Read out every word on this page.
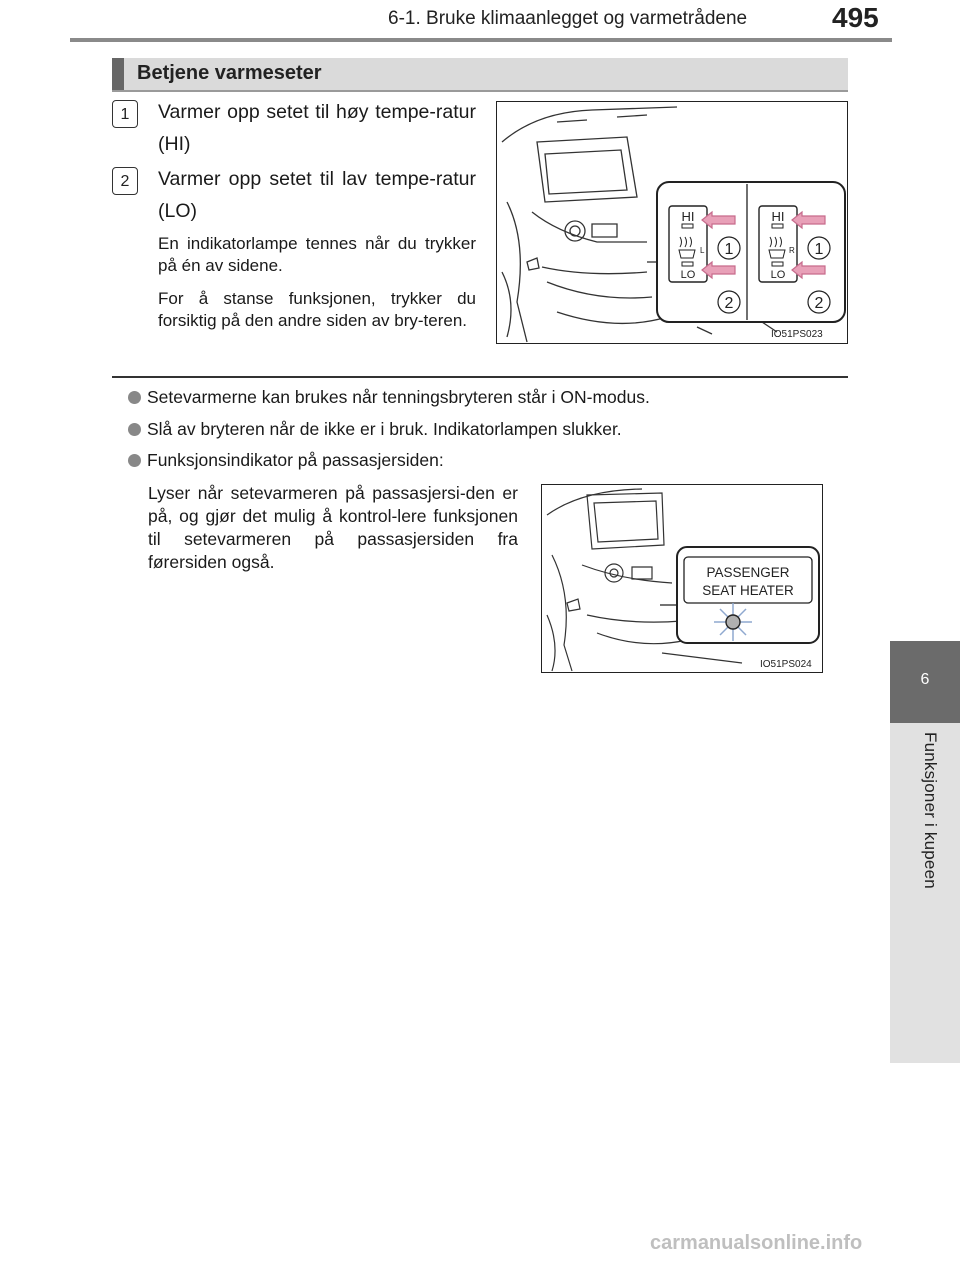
6-1. Bruke klimaanlegget og varmetrådene	495
6
Funksjoner i kupeen
Betjene varmeseter
1	Varmer opp setet til høy tempe-ratur (HI)
2	Varmer opp setet til lav tempe-ratur (LO)
En indikatorlampe tennes når du trykker på én av sidene.
For å stanse funksjonen, trykker du forsiktig på den andre siden av bry-teren.
HI
L
LO
HI
R
LO
1
2
1
2
IO51PS023
Setevarmerne kan brukes når tenningsbryteren står i ON-modus.
Slå av bryteren når de ikke er i bruk. Indikatorlampen slukker.
Funksjonsindikator på passasjersiden:
Lyser når setevarmeren på passasjersi-den er på, og gjør det mulig å kontrol-lere funksjonen til setevarmeren på passasjersiden fra førersiden også.
PASSENGER
SEAT HEATER
IO51PS024
carmanualsonline.info
